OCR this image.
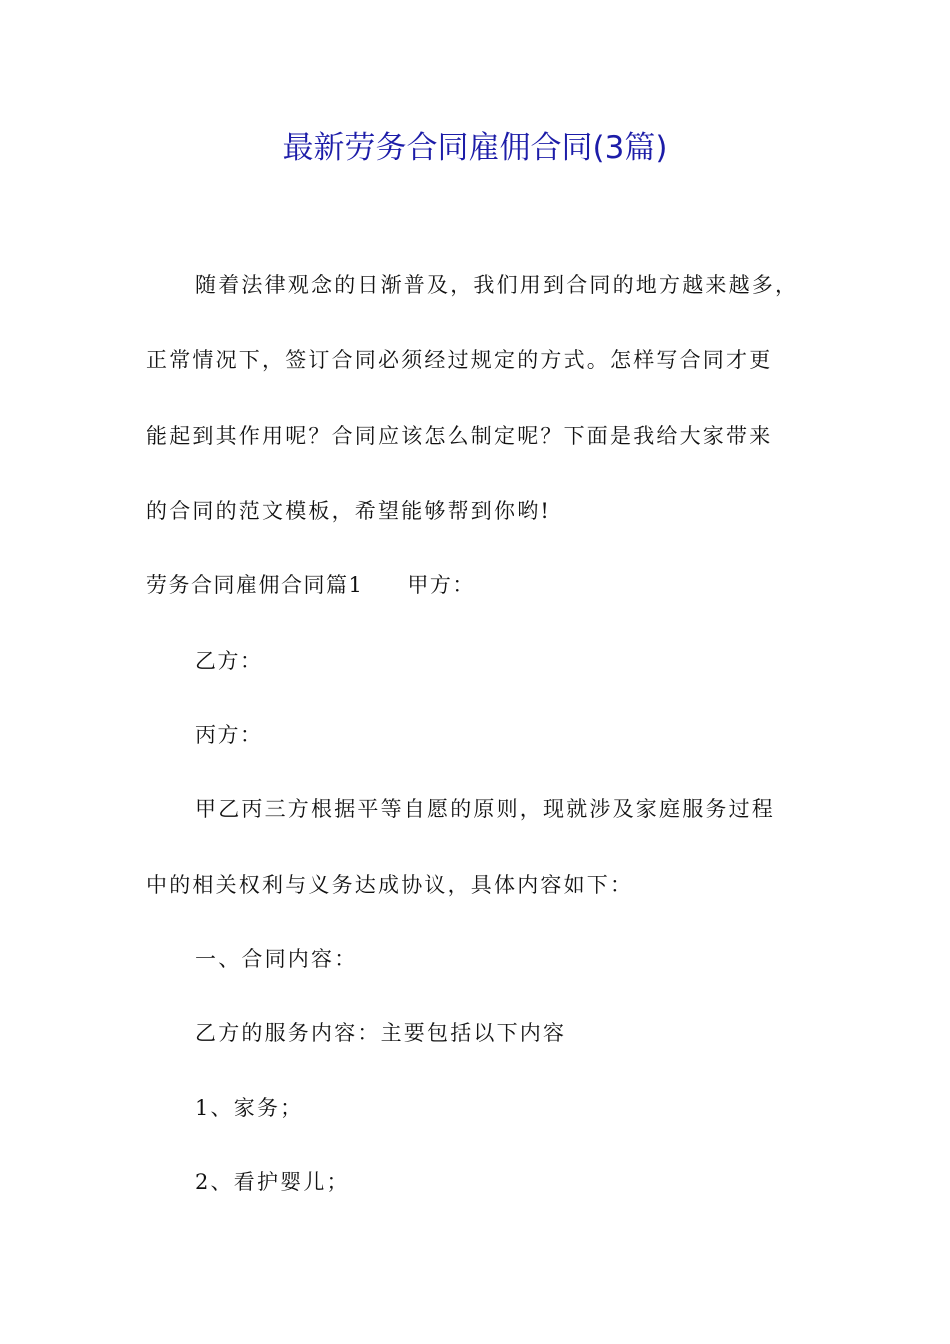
最新劳务合同雇佣合同(3篇)
随着法律观念的日渐普及，我们用到合同的地方越来越多，
正常情况下，签订合同必须经过规定的方式。怎样写合同才更
能起到其作用呢？合同应该怎么制定呢？下面是我给大家带来
的合同的范文模板，希望能够帮到你哟!
劳务合同雇佣合同篇1 甲方：
乙方：
丙方：
甲乙丙三方根据平等自愿的原则，现就涉及家庭服务过程
中的相关权利与义务达成协议，具体内容如下：
一、合同内容：
乙方的服务内容：主要包括以下内容
1、家务；
2、看护婴儿；
